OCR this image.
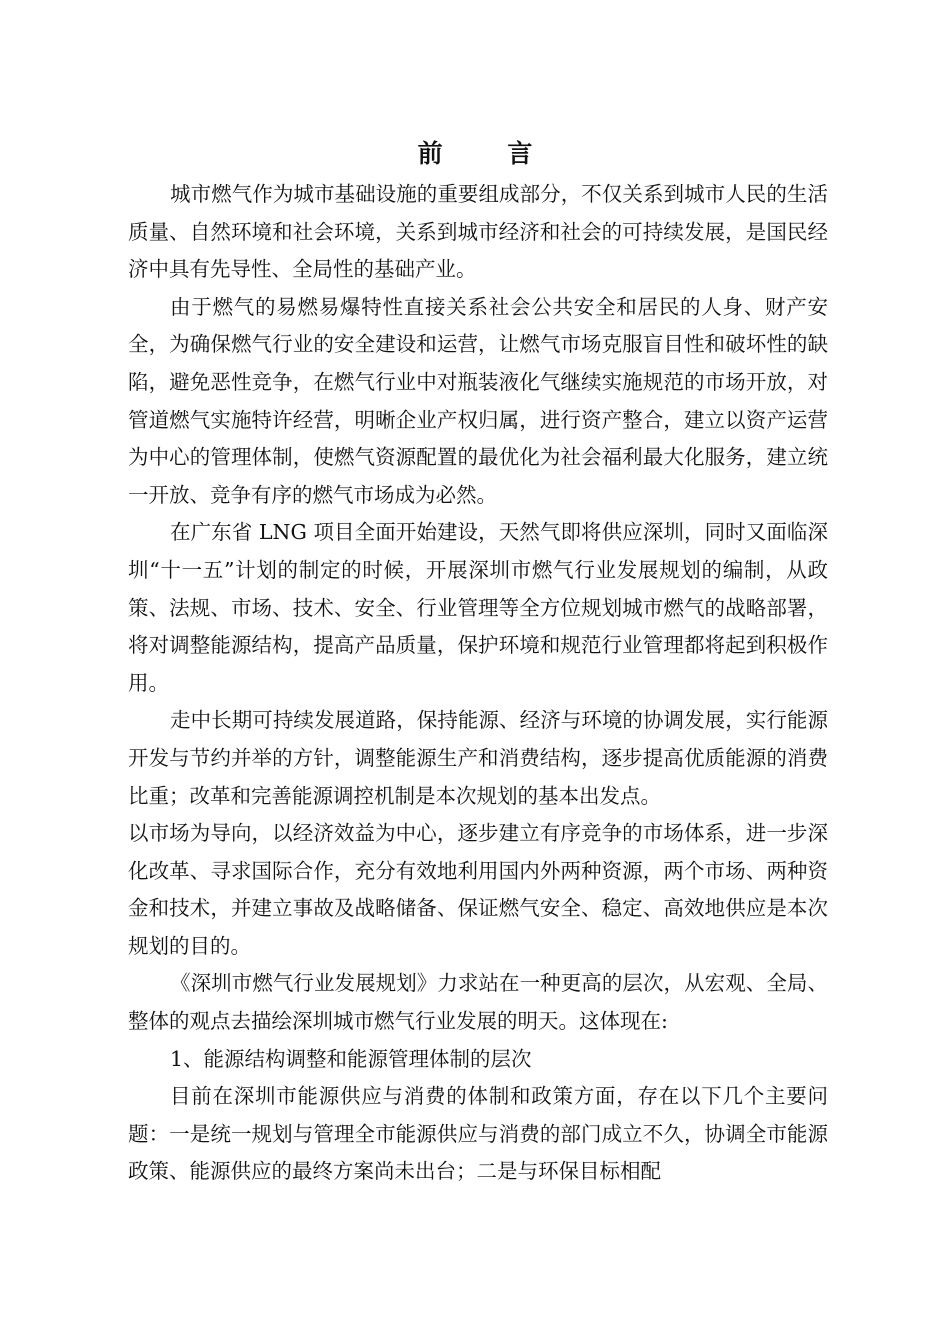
前 言

城市燃气作为城市基础设施的重要组成部分，不仅关系到城市人民的生活质量、自然环境和社会环境，关系到城市经济和社会的可持续发展，是国民经济中具有先导性、全局性的基础产业。

由于燃气的易燃易爆特性直接关系社会公共安全和居民的人身、财产安全，为确保燃气行业的安全建设和运营，让燃气市场克服盲目性和破坏性的缺陷，避免恶性竞争，在燃气行业中对瓶装液化气继续实施规范的市场开放，对管道燃气实施特许经营，明晰企业产权归属，进行资产整合，建立以资产运营为中心的管理体制，使燃气资源配置的最优化为社会福利最大化服务，建立统一开放、竞争有序的燃气市场成为必然。

在广东省 LNG 项目全面开始建设，天然气即将供应深圳，同时又面临深圳“十一五”计划的制定的时候，开展深圳市燃气行业发展规划的编制，从政策、法规、市场、技术、安全、行业管理等全方位规划城市燃气的战略部署，将对调整能源结构，提高产品质量，保护环境和规范行业管理都将起到积极作用。

走中长期可持续发展道路，保持能源、经济与环境的协调发展，实行能源开发与节约并举的方针，调整能源生产和消费结构，逐步提高优质能源的消费比重；改革和完善能源调控机制是本次规划的基本出发点。

以市场为导向，以经济效益为中心，逐步建立有序竞争的市场体系，进一步深化改革、寻求国际合作，充分有效地利用国内外两种资源，两个市场、两种资金和技术，并建立事故及战略储备、保证燃气安全、稳定、高效地供应是本次规划的目的。

《深圳市燃气行业发展规划》力求站在一种更高的层次，从宏观、全局、整体的观点去描绘深圳城市燃气行业发展的明天。这体现在:

1、能源结构调整和能源管理体制的层次

目前在深圳市能源供应与消费的体制和政策方面，存在以下几个主要问题：一是统一规划与管理全市能源供应与消费的部门成立不久，协调全市能源政策、能源供应的最终方案尚未出台；二是与环保目标相配
